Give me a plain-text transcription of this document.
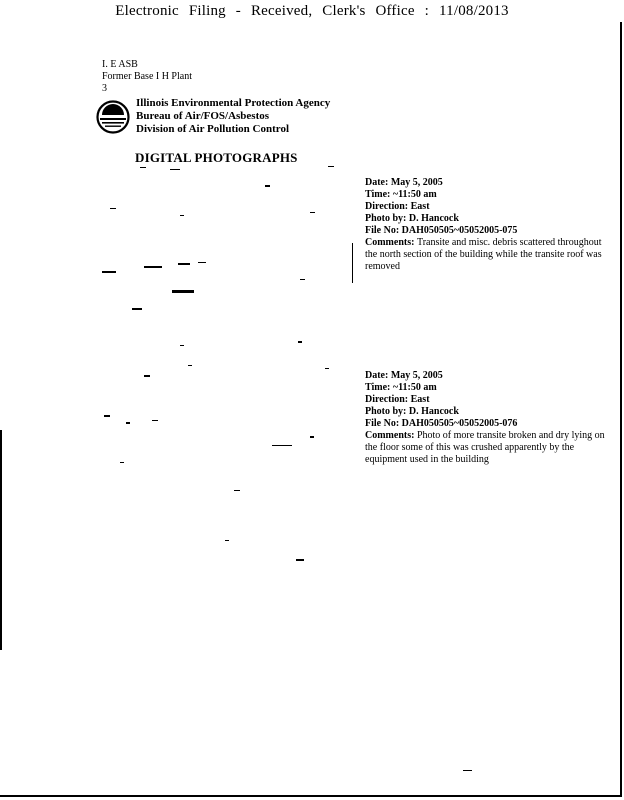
Electronic Filing - Received, Clerk's Office : 11/08/2013
I. E ASB
Former Base I H Plant
3
Illinois Environmental Protection Agency
Bureau of Air/FOS/Asbestos
Division of Air Pollution Control
DIGITAL PHOTOGRAPHS
Date: May 5, 2005
Time: ~11:50 am
Direction: East
Photo by: D. Hancock
File No: DAH050505~05052005-075
Comments: Transite and misc. debris scattered throughout the north section of the building while the transite roof was removed
Date: May 5, 2005
Time: ~11:50 am
Direction: East
Photo by: D. Hancock
File No: DAH050505~05052005-076
Comments: Photo of more transite broken and dry lying on the floor some of this was crushed apparently by the equipment used in the building
